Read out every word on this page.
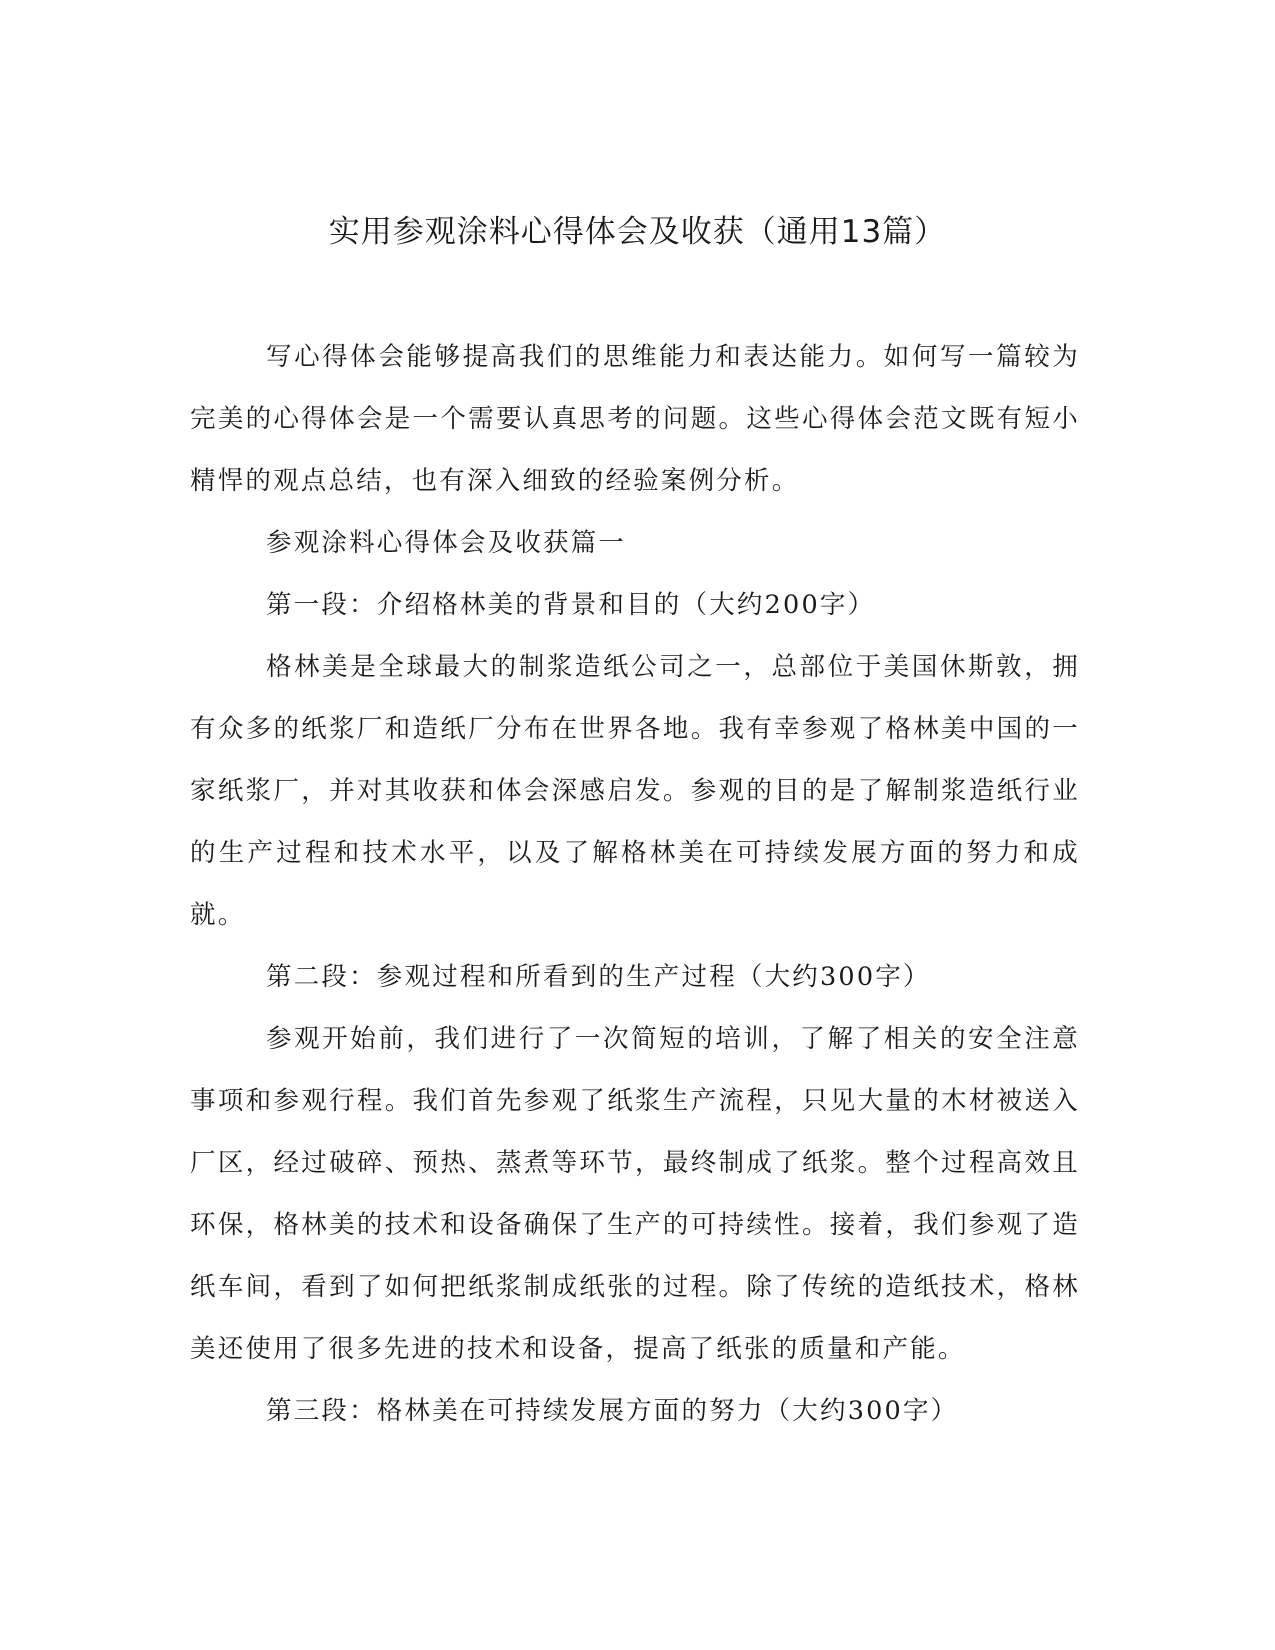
实用参观涂料心得体会及收获（通用13篇）

写心得体会能够提高我们的思维能力和表达能力。如何写一篇较为完美的心得体会是一个需要认真思考的问题。这些心得体会范文既有短小精悍的观点总结，也有深入细致的经验案例分析。

参观涂料心得体会及收获篇一

第一段：介绍格林美的背景和目的（大约200字）

格林美是全球最大的制浆造纸公司之一，总部位于美国休斯敦，拥有众多的纸浆厂和造纸厂分布在世界各地。我有幸参观了格林美中国的一家纸浆厂，并对其收获和体会深感启发。参观的目的是了解制浆造纸行业的生产过程和技术水平，以及了解格林美在可持续发展方面的努力和成就。

第二段：参观过程和所看到的生产过程（大约300字）

参观开始前，我们进行了一次简短的培训，了解了相关的安全注意事项和参观行程。我们首先参观了纸浆生产流程，只见大量的木材被送入厂区，经过破碎、预热、蒸煮等环节，最终制成了纸浆。整个过程高效且环保，格林美的技术和设备确保了生产的可持续性。接着，我们参观了造纸车间，看到了如何把纸浆制成纸张的过程。除了传统的造纸技术，格林美还使用了很多先进的技术和设备，提高了纸张的质量和产能。

第三段：格林美在可持续发展方面的努力（大约300字）
